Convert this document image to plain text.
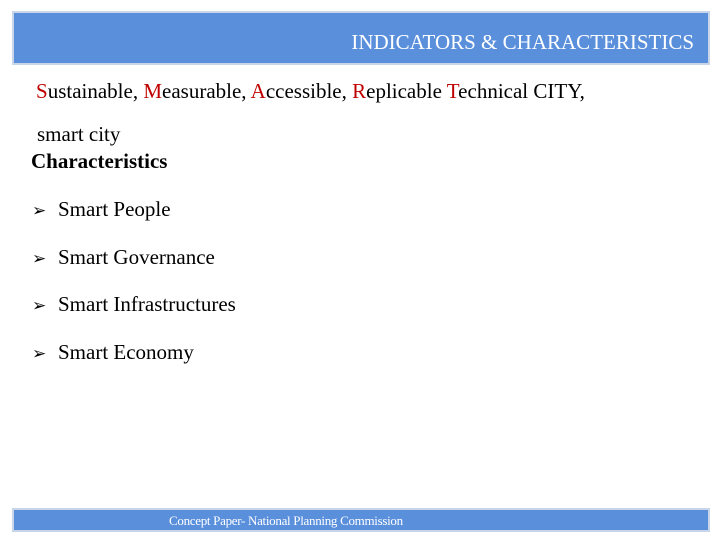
INDICATORS & CHARACTERISTICS
Sustainable, Measurable, Accessible, Replicable Technical CITY,
smart city
Characteristics
➢ Smart People
➢ Smart Governance
➢ Smart Infrastructures
➢ Smart Economy
Concept Paper- National Planning Commission
